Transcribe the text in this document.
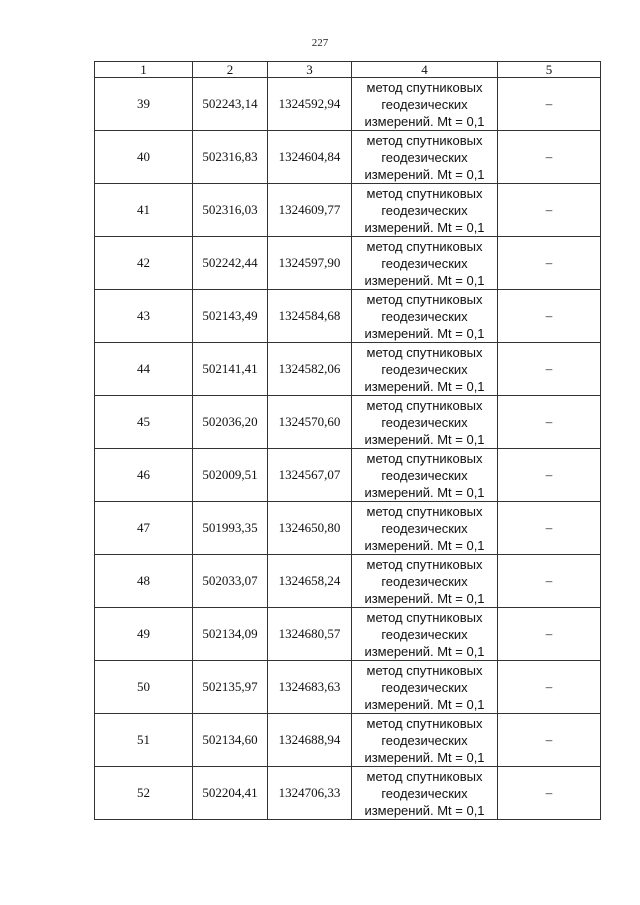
227
1	2	3	4	5
39	502243,14	1324592,94	метод спутниковых
геодезических
измерений. Mt = 0,1	–
40	502316,83	1324604,84	метод спутниковых
геодезических
измерений. Mt = 0,1	–
41	502316,03	1324609,77	метод спутниковых
геодезических
измерений. Mt = 0,1	–
42	502242,44	1324597,90	метод спутниковых
геодезических
измерений. Mt = 0,1	–
43	502143,49	1324584,68	метод спутниковых
геодезических
измерений. Mt = 0,1	–
44	502141,41	1324582,06	метод спутниковых
геодезических
измерений. Mt = 0,1	–
45	502036,20	1324570,60	метод спутниковых
геодезических
измерений. Mt = 0,1	–
46	502009,51	1324567,07	метод спутниковых
геодезических
измерений. Mt = 0,1	–
47	501993,35	1324650,80	метод спутниковых
геодезических
измерений. Mt = 0,1	–
48	502033,07	1324658,24	метод спутниковых
геодезических
измерений. Mt = 0,1	–
49	502134,09	1324680,57	метод спутниковых
геодезических
измерений. Mt = 0,1	–
50	502135,97	1324683,63	метод спутниковых
геодезических
измерений. Mt = 0,1	–
51	502134,60	1324688,94	метод спутниковых
геодезических
измерений. Mt = 0,1	–
52	502204,41	1324706,33	метод спутниковых
геодезических
измерений. Mt = 0,1	–
